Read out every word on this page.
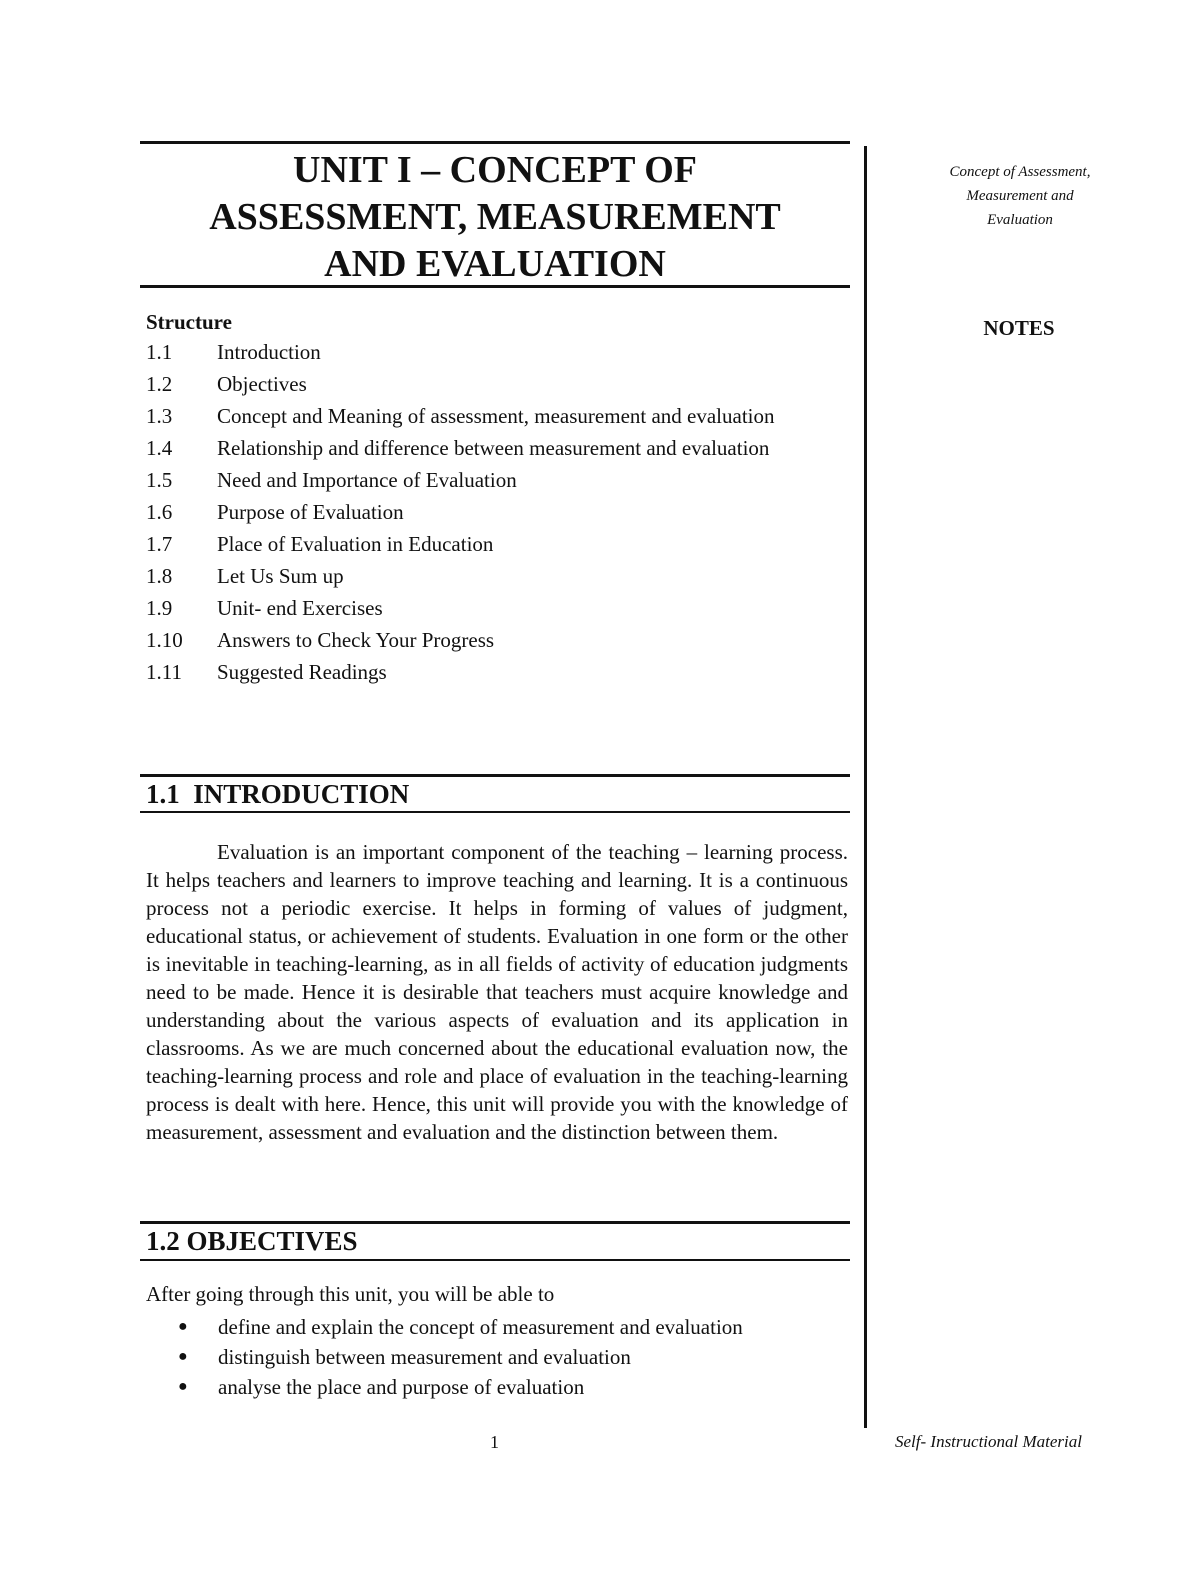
UNIT I – CONCEPT OF
ASSESSMENT, MEASUREMENT
AND EVALUATION
Structure
1.1	Introduction
1.2	Objectives
1.3	Concept and Meaning of assessment, measurement and evaluation
1.4	Relationship and difference between measurement and evaluation
1.5	Need and Importance of Evaluation
1.6	Purpose of Evaluation
1.7	Place of Evaluation in Education
1.8	Let Us Sum up
1.9	Unit- end Exercises
1.10	Answers to Check Your Progress
1.11	Suggested Readings
1.1  INTRODUCTION
Evaluation is an important component of the teaching – learning process. It helps teachers and learners to improve teaching and learning. It is a continuous process not a periodic exercise. It helps in forming of values of judgment, educational status, or achievement of students. Evaluation in one form or the other is inevitable in teaching-learning, as in all fields of activity of education judgments need to be made. Hence it is desirable that teachers must acquire knowledge and understanding about the various aspects of evaluation and its application in classrooms. As we are much concerned about the educational evaluation now, the teaching-learning process and role and place of evaluation in the teaching-learning process is dealt with here. Hence, this unit will provide you with the knowledge of measurement, assessment and evaluation and the distinction between them.
1.2 OBJECTIVES
After going through this unit, you will be able to
●	define and explain the concept of measurement and evaluation
●	distinguish between measurement and evaluation
●	analyse the place and purpose of evaluation
Concept of Assessment,
Measurement and
Evaluation
NOTES
1	Self- Instructional Material
